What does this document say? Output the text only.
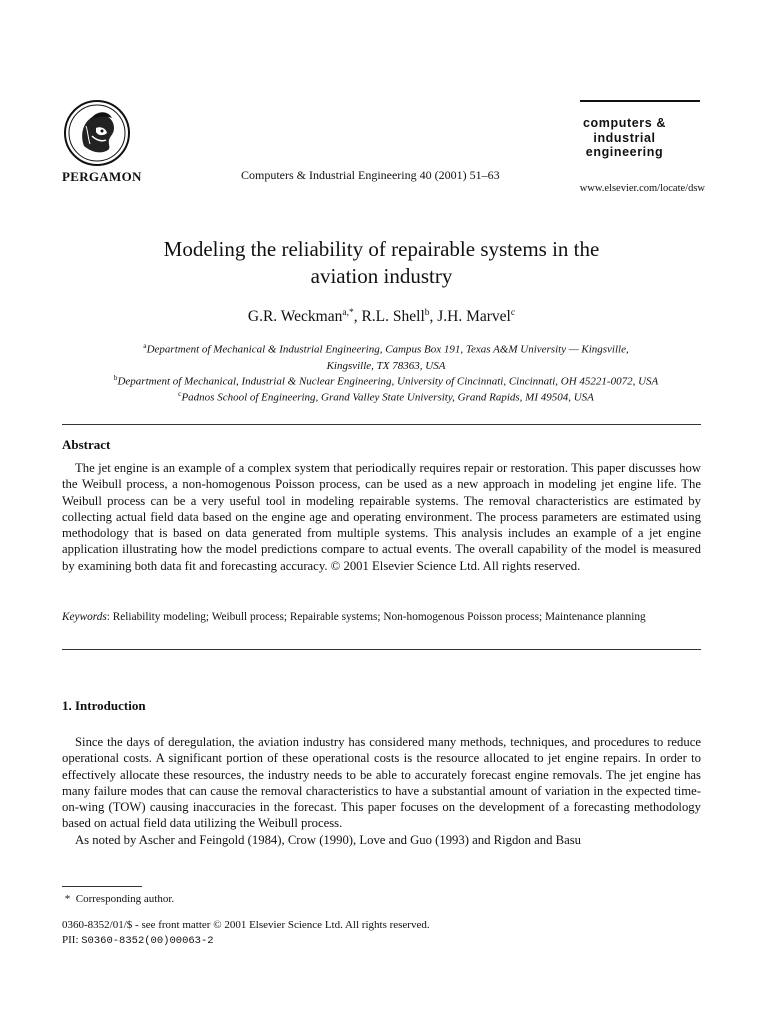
PERGAMON	Computers & Industrial Engineering 40 (2001) 51–63
computers &
industrial
engineering
www.elsevier.com/locate/dsw
Modeling the reliability of repairable systems in the
aviation industry
G.R. Weckman$^{a,*}$, R.L. Shell$^b$, J.H. Marvel$^c$
$^a$Department of Mechanical & Industrial Engineering, Campus Box 191, Texas A&M University — Kingsville,
Kingsville, TX 78363, USA
$^b$Department of Mechanical, Industrial & Nuclear Engineering, University of Cincinnati, Cincinnati, OH 45221-0072, USA
$^c$Padnos School of Engineering, Grand Valley State University, Grand Rapids, MI 49504, USA
Abstract

The jet engine is an example of a complex system that periodically requires repair or restoration. This paper discusses how the Weibull process, a non-homogenous Poisson process, can be used as a new approach in modeling jet engine life. The Weibull process can be a very useful tool in modeling repairable systems. The removal characteristics are estimated by collecting actual field data based on the engine age and operating environment. The process parameters are estimated using methodology that is based on data generated from multiple systems. This analysis includes an example of a jet engine application illustrating how the model predictions compare to actual events. The overall capability of the model is measured by examining both data fit and forecasting accuracy. © 2001 Elsevier Science Ltd. All rights reserved.

Keywords: Reliability modeling; Weibull process; Repairable systems; Non-homogenous Poisson process; Maintenance planning
1. Introduction

Since the days of deregulation, the aviation industry has considered many methods, techniques, and procedures to reduce operational costs. A significant portion of these operational costs is the resource allocated to jet engine repairs. In order to effectively allocate these resources, the industry needs to be able to accurately forecast engine removals. The jet engine has many failure modes that can cause the removal characteristics to have a substantial amount of variation in the expected time-on-wing (TOW) causing inaccuracies in the forecast. This paper focuses on the development of a forecasting methodology based on actual field data utilizing the Weibull process.

As noted by Ascher and Feingold (1984), Crow (1990), Love and Guo (1993) and Rigdon and Basu

* Corresponding author.
0360-8352/01/$ - see front matter © 2001 Elsevier Science Ltd. All rights reserved.
PII: S0360-8352(00)00063-2
